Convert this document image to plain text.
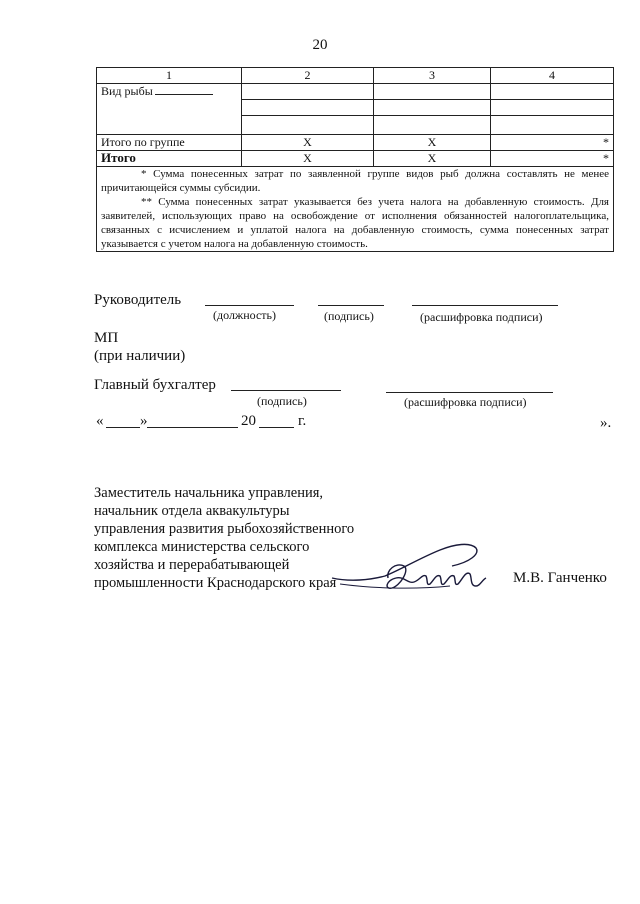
20
1	2	3	4
Вид рыбы			

Итого по группе	Х	Х	*
Итого	Х	Х	*

* Сумма понесенных затрат по заявленной группе видов рыб должна составлять не менее причитающейся суммы субсидии.
** Сумма понесенных затрат указывается без учета налога на добавленную стоимость. Для заявителей, использующих право на освобождение от исполнения обязанностей налогоплательщика, связанных с исчислением и уплатой налога на добавленную стоимость, сумма понесенных затрат указывается с учетом налога на добавленную стоимость.			
Руководитель
(должность)	(подпись)	(расшифровка подписи)
МП
(при наличии)
Главный бухгалтер
(подпись)	(расшифровка подписи)
« »	20	г.	».
Заместитель начальника управления,
начальник отдела аквакультуры
управления развития рыбохозяйственного
комплекса министерства сельского
хозяйства и перерабатывающей
промышленности Краснодарского края	М.В. Ганченко
